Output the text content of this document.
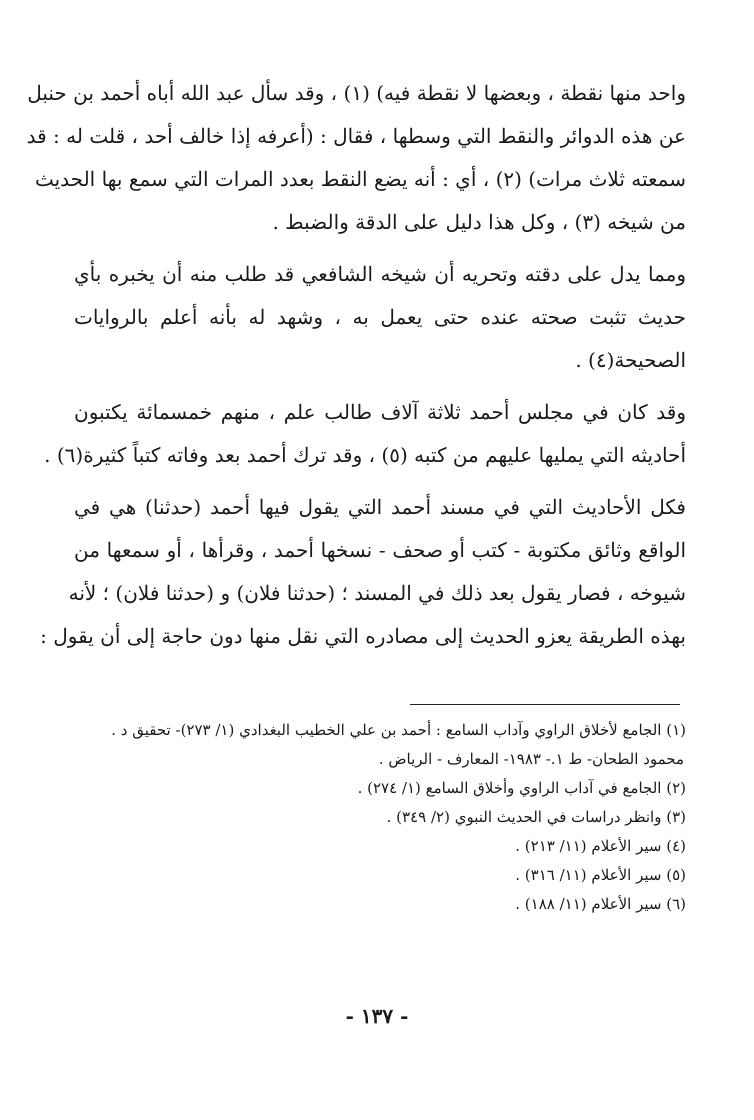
واحد منها نقطة ، وبعضها لا نقطة فيه) (١) ، وقد سأل عبد الله أباه أحمد بن حنبل
عن هذه الدوائر والنقط التي وسطها ، فقال : (أعرفه إذا خالف أحد ، قلت له : قد
سمعته ثلاث مرات) (٢) ، أي : أنه يضع النقط بعدد المرات التي سمع بها الحديث
من شيخه (٣) ، وكل هذا دليل على الدقة والضبط .

ومما يدل على دقته وتحريه أن شيخه الشافعي قد طلب منه أن يخبره بأي
حديث تثبت صحته عنده حتى يعمل به ، وشهد له بأنه أعلم بالروايات
الصحيحة(٤) .

وقد كان في مجلس أحمد ثلاثة آلاف طالب علم ، منهم خمسمائة يكتبون
أحاديثه التي يمليها عليهم من كتبه (٥) ، وقد ترك أحمد بعد وفاته كتباً كثيرة(٦) .

فكل الأحاديث التي في مسند أحمد التي يقول فيها أحمد (حدثنا) هي في
الواقع وثائق مكتوبة - كتب أو صحف - نسخها أحمد ، وقرأها ، أو سمعها من
شيوخه ، فصار يقول بعد ذلك في المسند ؛ (حدثنا فلان) و (حدثنا فلان) ؛ لأنه
بهذه الطريقة يعزو الحديث إلى مصادره التي نقل منها دون حاجة إلى أن يقول :

(١) الجامع لأخلاق الراوي وآداب السامع : أحمد بن علي الخطيب البغدادي (١/ ٢٧٣)- تحقيق د .

محمود الطحان- ط ١.- ١٩٨٣- المعارف - الرياض .

(٢) الجامع في آداب الراوي وأخلاق السامع (١/ ٢٧٤) .

(٣) وانظر دراسات في الحديث النبوي (٢/ ٣٤٩) .

(٤) سير الأعلام (١١/ ٢١٣) .

(٥) سير الأعلام (١١/ ٣١٦) .

(٦) سير الأعلام (١١/ ١٨٨) .

- ١٣٧ -
